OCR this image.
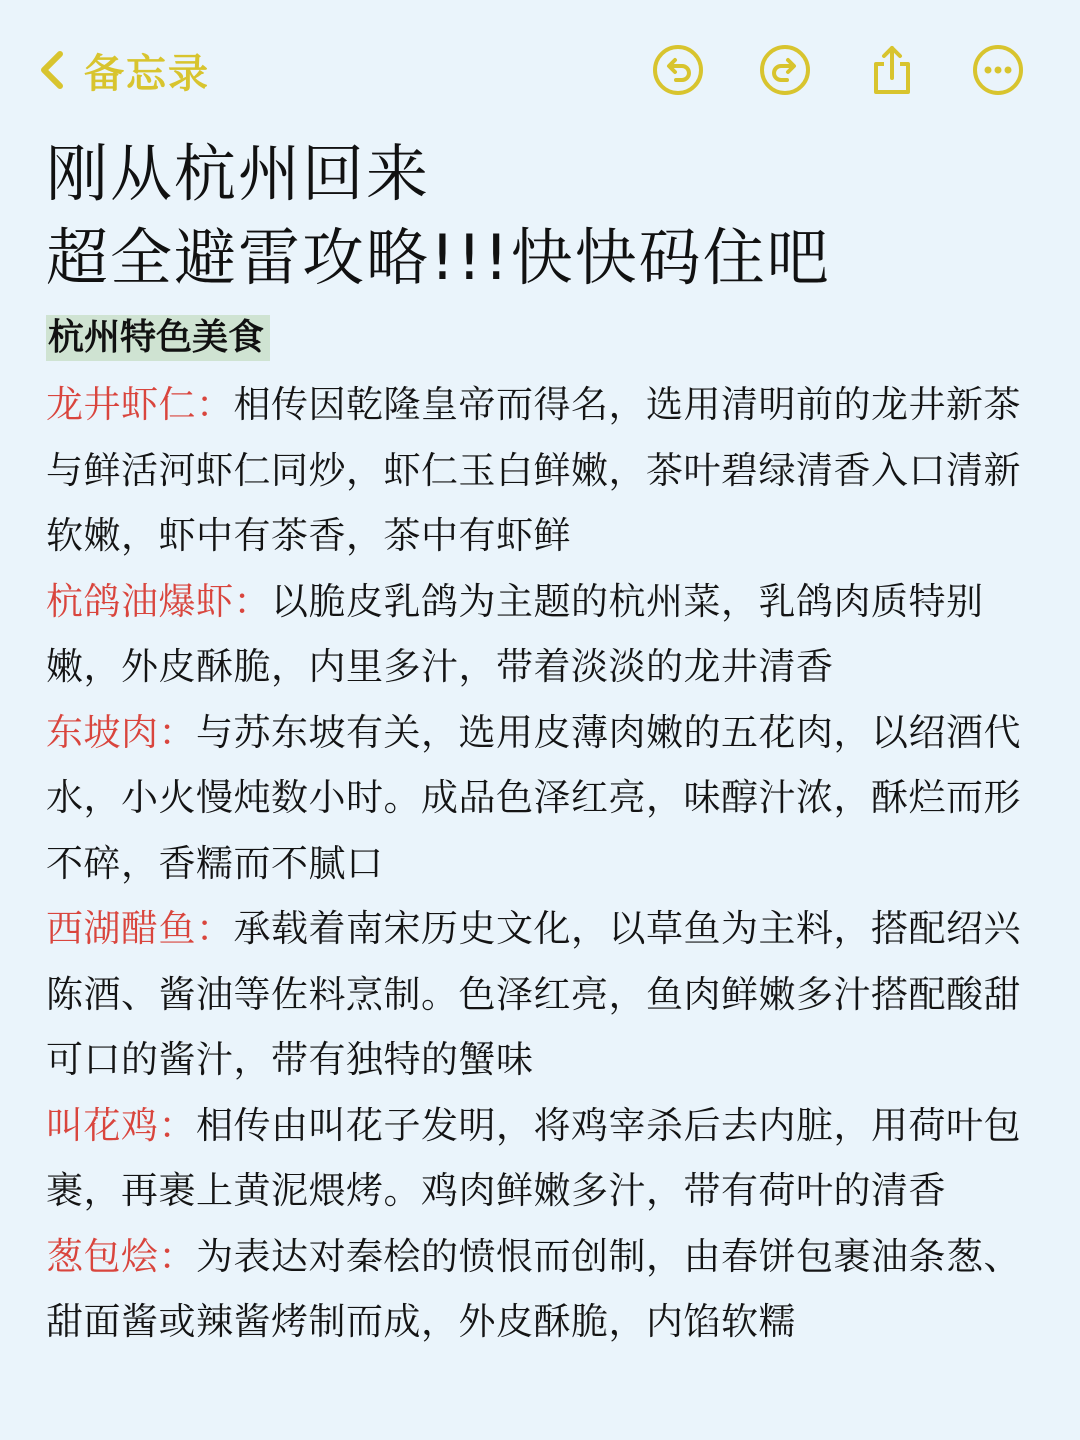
备忘录
刚从杭州回来
超全避雷攻略!!!快快码住吧
杭州特色美食

龙井虾仁：相传因乾隆皇帝而得名，选用清明前的龙井新茶与鲜活河虾仁同炒，虾仁玉白鲜嫩，茶叶碧绿清香入口清新软嫩，虾中有茶香，茶中有虾鲜

杭鸽油爆虾：以脆皮乳鸽为主题的杭州菜，乳鸽肉质特别嫩，外皮酥脆，内里多汁，带着淡淡的龙井清香

东坡肉：与苏东坡有关，选用皮薄肉嫩的五花肉，以绍酒代水，小火慢炖数小时。成品色泽红亮，味醇汁浓，酥烂而形不碎，香糯而不腻口

西湖醋鱼：承载着南宋历史文化，以草鱼为主料，搭配绍兴陈酒、酱油等佐料烹制。色泽红亮，鱼肉鲜嫩多汁搭配酸甜可口的酱汁，带有独特的蟹味

叫花鸡：相传由叫花子发明，将鸡宰杀后去内脏，用荷叶包裹，再裹上黄泥煨烤。鸡肉鲜嫩多汁，带有荷叶的清香

葱包烩：为表达对秦桧的愤恨而创制，由春饼包裹油条葱、甜面酱或辣酱烤制而成，外皮酥脆，内馅软糯
